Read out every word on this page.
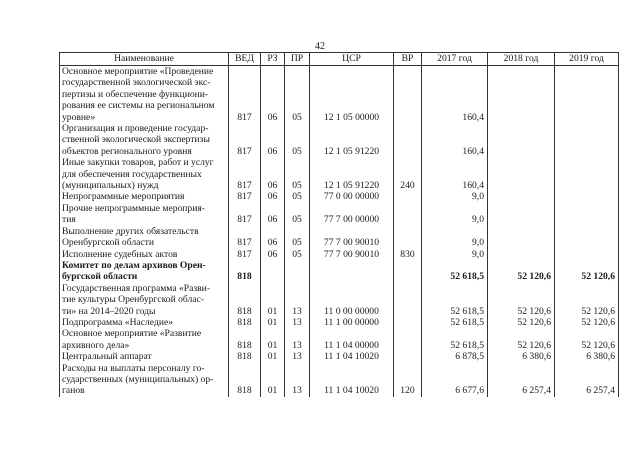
42
Наименование	ВЕД	РЗ	ПР	ЦСР	ВР	2017 год	2018 год	2019 год

Основное мероприятие «Проведение
государственной экологической экс-
пертизы и обеспечение функциони-
рования ее системы на региональном
уровне»	817	06	05	12 1 05 00000		160,4		

Организация и проведение государ-
ственной экологической экспертизы
объектов регионального уровня	817	06	05	12 1 05 91220		160,4		

Иные закупки товаров, работ и услуг
для обеспечения государственных
(муниципальных) нужд	817	06	05	12 1 05 91220	240	160,4		

Непрограммные мероприятия	817	06	05	77 0 00 00000		9,0		

Прочие непрограммные мероприя-
тия	817	06	05	77 7 00 00000		9,0		

Выполнение других обязательств
Оренбургской области	817	06	05	77 7 00 90010		9,0		

Исполнение судебных актов	817	06	05	77 7 00 90010	830	9,0		

Комитет по делам архивов Орен-
бургской области	818					52 618,5	52 120,6	52 120,6

Государственная программа «Разви-
тие культуры Оренбургской облас-
ти» на 2014–2020 годы	818	01	13	11 0 00 00000		52 618,5	52 120,6	52 120,6

Подпрограмма «Наследие»	818	01	13	11 1 00 00000		52 618,5	52 120,6	52 120,6

Основное мероприятие «Развитие
архивного дела»	818	01	13	11 1 04 00000		52 618,5	52 120,6	52 120,6

Центральный аппарат	818	01	13	11 1 04 10020		6 878,5	6 380,6	6 380,6

Расходы на выплаты персоналу го-
сударственных (муниципальных) ор-
ганов	818	01	13	11 1 04 10020	120	6 677,6	6 257,4	6 257,4
